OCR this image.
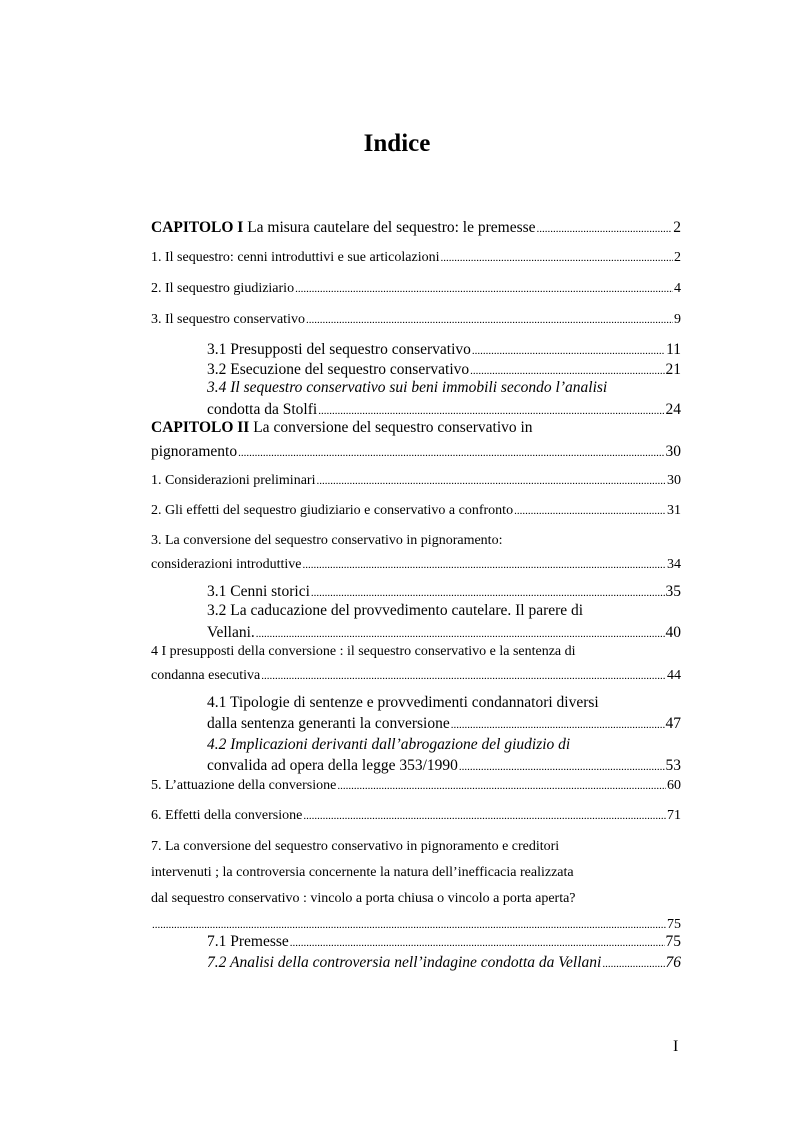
Indice
CAPITOLO I La misura cautelare del sequestro: le premesse .....	2
1. Il sequestro: cenni introduttivi e sue articolazioni .....	2
2. Il sequestro giudiziario .....	4
3. Il sequestro conservativo .....	9
3.1 Presupposti del sequestro conservativo .....	11
3.2 Esecuzione del sequestro conservativo .....	21
3.4 Il sequestro conservativo sui beni immobili secondo l’analisi
condotta da Stolfi .....	24
CAPITOLO II La conversione del sequestro conservativo in
pignoramento .....	30
1. Considerazioni preliminari .....	30
2. Gli effetti del sequestro giudiziario e conservativo a confronto .....	31
3. La conversione del sequestro conservativo in pignoramento:
considerazioni introduttive .....	34
3.1 Cenni storici .....	35
3.2 La caducazione del provvedimento cautelare. Il parere di
Vellani. .....	40
4 I presupposti della conversione : il sequestro conservativo e la sentenza di
condanna esecutiva .....	44
4.1 Tipologie di sentenze e provvedimenti condannatori diversi
dalla sentenza generanti la conversione .....	47
4.2 Implicazioni derivanti dall’abrogazione del giudizio di
convalida ad opera della legge 353/1990 .....	53
5. L’attuazione della conversione .....	60
6. Effetti della conversione .....	71
7. La conversione del sequestro conservativo in pignoramento e creditori
intervenuti ; la controversia concernente la natura dell’inefficacia realizzata
dal sequestro conservativo : vincolo a porta chiusa o vincolo a porta aperta?
.....
75
7.1 Premesse .....	75
7.2 Analisi della controversia nell’indagine condotta da Vellani .....	76
I
